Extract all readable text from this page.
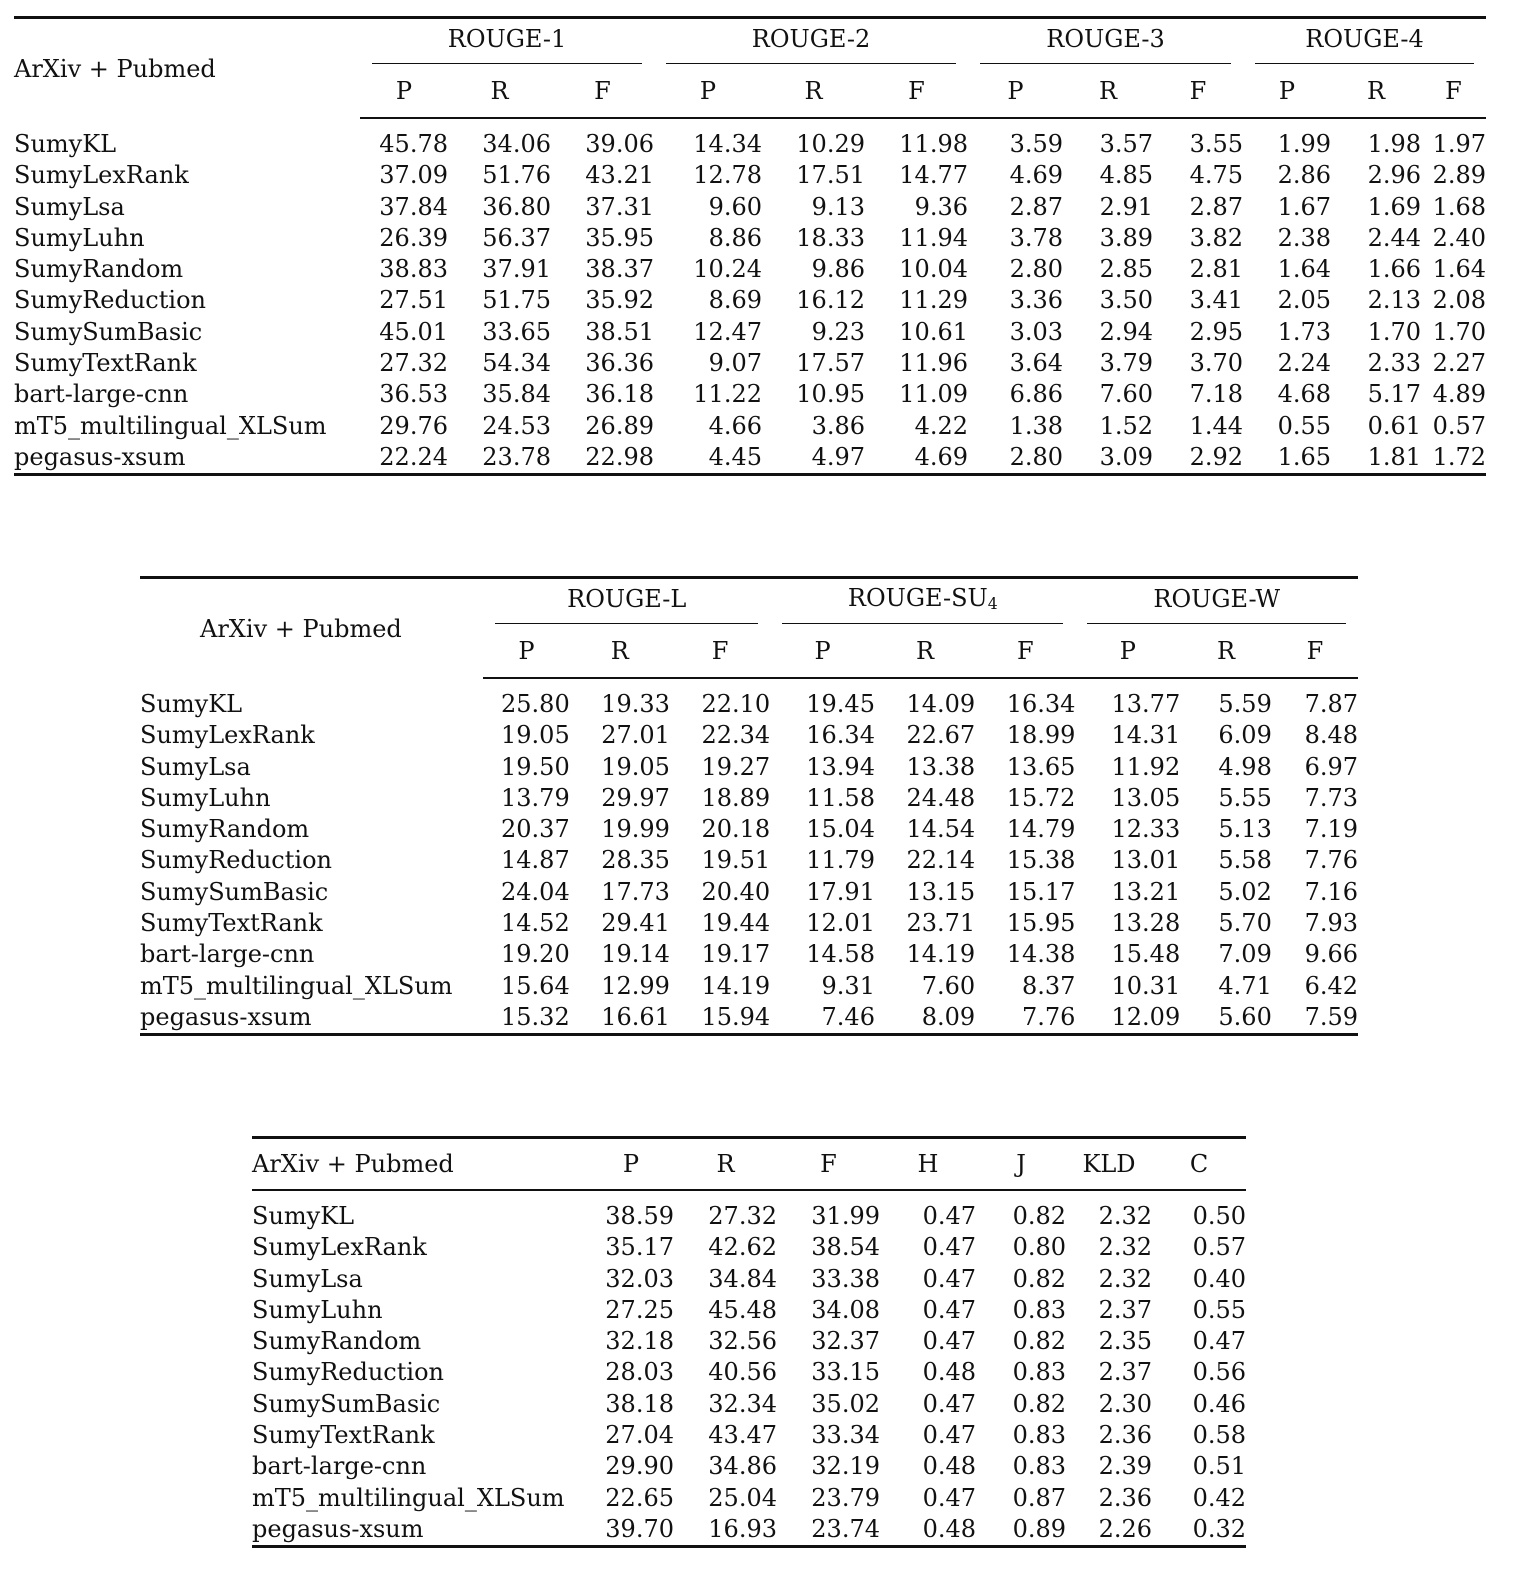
ArXiv + Pubmed	ROUGE-1			ROUGE-2			ROUGE-3			ROUGE-4		

	P	R	F	P	R	F	P	R	F	P	R	F
SumyKL	45.78	34.06	39.06	14.34	10.29	11.98	3.59	3.57	3.55	1.99	1.98	1.97
SumyLexRank	37.09	51.76	43.21	12.78	17.51	14.77	4.69	4.85	4.75	2.86	2.96	2.89
SumyLsa	37.84	36.80	37.31	9.60	9.13	9.36	2.87	2.91	2.87	1.67	1.69	1.68
SumyLuhn	26.39	56.37	35.95	8.86	18.33	11.94	3.78	3.89	3.82	2.38	2.44	2.40
SumyRandom	38.83	37.91	38.37	10.24	9.86	10.04	2.80	2.85	2.81	1.64	1.66	1.64
SumyReduction	27.51	51.75	35.92	8.69	16.12	11.29	3.36	3.50	3.41	2.05	2.13	2.08
SumySumBasic	45.01	33.65	38.51	12.47	9.23	10.61	3.03	2.94	2.95	1.73	1.70	1.70
SumyTextRank	27.32	54.34	36.36	9.07	17.57	11.96	3.64	3.79	3.70	2.24	2.33	2.27
bart-large-cnn	36.53	35.84	36.18	11.22	10.95	11.09	6.86	7.60	7.18	4.68	5.17	4.89
mT5_multilingual_XLSum	29.76	24.53	26.89	4.66	3.86	4.22	1.38	1.52	1.44	0.55	0.61	0.57
pegasus-xsum	22.24	23.78	22.98	4.45	4.97	4.69	2.80	3.09	2.92	1.65	1.81	1.72
ArXiv + Pubmed	ROUGE-L			ROUGE-$SU_4$			ROUGE-W		

	P	R	F	P	R	F	P	R	F
SumyKL	25.80	19.33	22.10	19.45	14.09	16.34	13.77	5.59	7.87
SumyLexRank	19.05	27.01	22.34	16.34	22.67	18.99	14.31	6.09	8.48
SumyLsa	19.50	19.05	19.27	13.94	13.38	13.65	11.92	4.98	6.97
SumyLuhn	13.79	29.97	18.89	11.58	24.48	15.72	13.05	5.55	7.73
SumyRandom	20.37	19.99	20.18	15.04	14.54	14.79	12.33	5.13	7.19
SumyReduction	14.87	28.35	19.51	11.79	22.14	15.38	13.01	5.58	7.76
SumySumBasic	24.04	17.73	20.40	17.91	13.15	15.17	13.21	5.02	7.16
SumyTextRank	14.52	29.41	19.44	12.01	23.71	15.95	13.28	5.70	7.93
bart-large-cnn	19.20	19.14	19.17	14.58	14.19	14.38	15.48	7.09	9.66
mT5_multilingual_XLSum	15.64	12.99	14.19	9.31	7.60	8.37	10.31	4.71	6.42
pegasus-xsum	15.32	16.61	15.94	7.46	8.09	7.76	12.09	5.60	7.59
ArXiv + Pubmed	P	R	F	H	J	KLD	C
SumyKL	38.59	27.32	31.99	0.47	0.82	2.32	0.50
SumyLexRank	35.17	42.62	38.54	0.47	0.80	2.32	0.57
SumyLsa	32.03	34.84	33.38	0.47	0.82	2.32	0.40
SumyLuhn	27.25	45.48	34.08	0.47	0.83	2.37	0.55
SumyRandom	32.18	32.56	32.37	0.47	0.82	2.35	0.47
SumyReduction	28.03	40.56	33.15	0.48	0.83	2.37	0.56
SumySumBasic	38.18	32.34	35.02	0.47	0.82	2.30	0.46
SumyTextRank	27.04	43.47	33.34	0.47	0.83	2.36	0.58
bart-large-cnn	29.90	34.86	32.19	0.48	0.83	2.39	0.51
mT5_multilingual_XLSum	22.65	25.04	23.79	0.47	0.87	2.36	0.42
pegasus-xsum	39.70	16.93	23.74	0.48	0.89	2.26	0.32
